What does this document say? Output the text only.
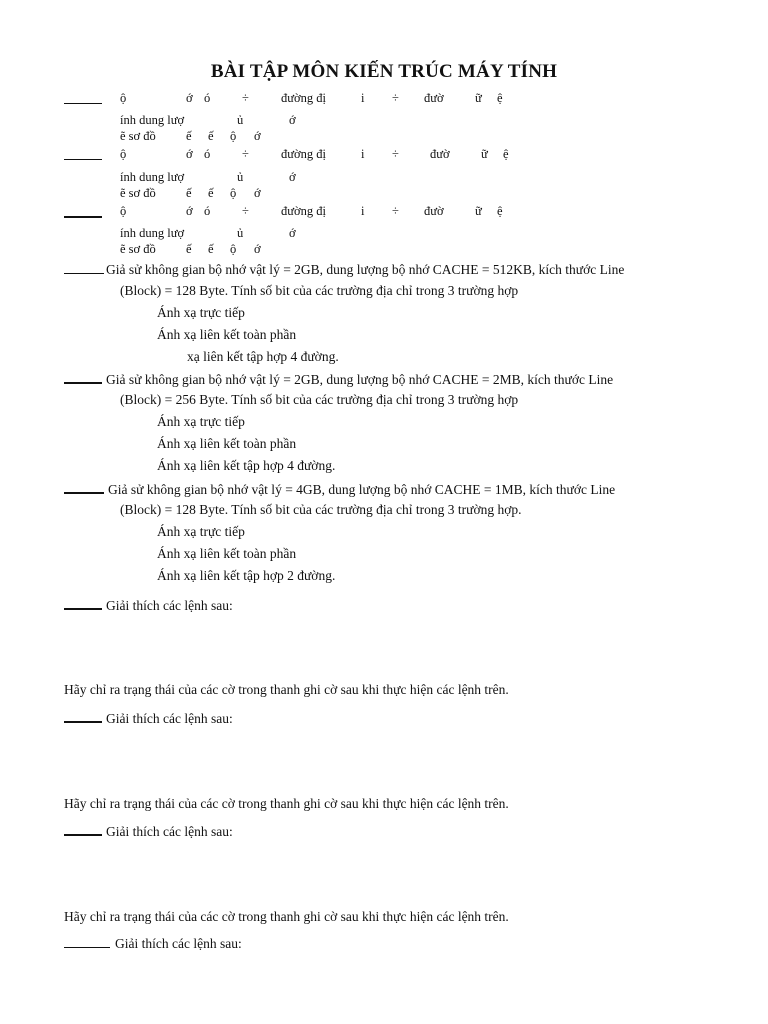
BÀI TẬP MÔN KIẾN TRÚC MÁY TÍNH
ộ	ớ ó	÷	đường đị	i ÷ đườ	ữ ệ
ính dung lượ	ủ	ớ
ẽ sơ đồ ế ế ộ ớ
ộ	ớ ó	÷	đường đị	i ÷ đườ	ữ ệ
ính dung lượ	ủ	ớ
ẽ sơ đồ ế ế ộ ớ
ộ	ớ ó	÷	đường đị	i ÷ đườ	ữ ệ
ính dung lượ	ủ	ớ
ẽ sơ đồ ế ế ộ ớ
Giả sử không gian bộ nhớ vật lý = 2GB, dung lượng bộ nhớ CACHE = 512KB, kích thước Line
(Block) = 128 Byte. Tính số bit của các trường địa chỉ trong 3 trường hợp
Ánh xạ trực tiếp
Ánh xạ liên kết toàn phần
xạ liên kết tập hợp 4 đường.
Giả sử không gian bộ nhớ vật lý = 2GB, dung lượng bộ nhớ CACHE = 2MB, kích thước Line
(Block) = 256 Byte. Tính số bit của các trường địa chỉ trong 3 trường hợp
Ánh xạ trực tiếp
Ánh xạ liên kết toàn phần
Ánh xạ liên kết tập hợp 4 đường.
Giả sử không gian bộ nhớ vật lý = 4GB, dung lượng bộ nhớ CACHE = 1MB, kích thước Line
(Block) = 128 Byte. Tính số bit của các trường địa chỉ trong 3 trường hợp.
Ánh xạ trực tiếp
Ánh xạ liên kết toàn phần
Ánh xạ liên kết tập hợp 2 đường.
Giải thích các lệnh sau:
Hãy chỉ ra trạng thái của các cờ trong thanh ghi cờ sau khi thực hiện các lệnh trên.
Giải thích các lệnh sau:
Hãy chỉ ra trạng thái của các cờ trong thanh ghi cờ sau khi thực hiện các lệnh trên.
Giải thích các lệnh sau:
Hãy chỉ ra trạng thái của các cờ trong thanh ghi cờ sau khi thực hiện các lệnh trên.
Giải thích các lệnh sau:
